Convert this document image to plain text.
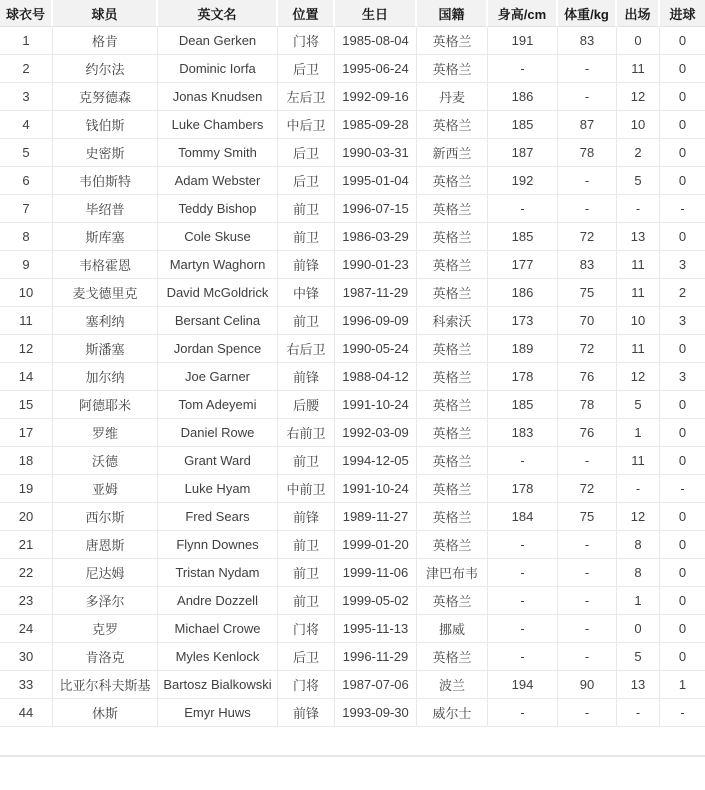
球衣号	球员	英文名	位置	生日	国籍	身高/cm	体重/kg	出场	进球
1	格肯	Dean Gerken	门将	1985-08-04	英格兰	191	83	0	0
2	约尔法	Dominic Iorfa	后卫	1995-06-24	英格兰	-	-	11	0
3	克努德森	Jonas Knudsen	左后卫	1992-09-16	丹麦	186	-	12	0
4	钱伯斯	Luke Chambers	中后卫	1985-09-28	英格兰	185	87	10	0
5	史密斯	Tommy Smith	后卫	1990-03-31	新西兰	187	78	2	0
6	韦伯斯特	Adam Webster	后卫	1995-01-04	英格兰	192	-	5	0
7	毕绍普	Teddy Bishop	前卫	1996-07-15	英格兰	-	-	-	-
8	斯库塞	Cole Skuse	前卫	1986-03-29	英格兰	185	72	13	0
9	韦格霍恩	Martyn Waghorn	前锋	1990-01-23	英格兰	177	83	11	3
10	麦戈德里克	David McGoldrick	中锋	1987-11-29	英格兰	186	75	11	2
11	塞利纳	Bersant Celina	前卫	1996-09-09	科索沃	173	70	10	3
12	斯潘塞	Jordan Spence	右后卫	1990-05-24	英格兰	189	72	11	0
14	加尔纳	Joe Garner	前锋	1988-04-12	英格兰	178	76	12	3
15	阿德耶米	Tom Adeyemi	后腰	1991-10-24	英格兰	185	78	5	0
17	罗维	Daniel Rowe	右前卫	1992-03-09	英格兰	183	76	1	0
18	沃德	Grant Ward	前卫	1994-12-05	英格兰	-	-	11	0
19	亚姆	Luke Hyam	中前卫	1991-10-24	英格兰	178	72	-	-
20	西尔斯	Fred Sears	前锋	1989-11-27	英格兰	184	75	12	0
21	唐恩斯	Flynn Downes	前卫	1999-01-20	英格兰	-	-	8	0
22	尼达姆	Tristan Nydam	前卫	1999-11-06	津巴布韦	-	-	8	0
23	多泽尔	Andre Dozzell	前卫	1999-05-02	英格兰	-	-	1	0
24	克罗	Michael Crowe	门将	1995-11-13	挪威	-	-	0	0
30	肯洛克	Myles Kenlock	后卫	1996-11-29	英格兰	-	-	5	0
33	比亚尔科夫斯基	Bartosz Bialkowski	门将	1987-07-06	波兰	194	90	13	1
44	休斯	Emyr Huws	前锋	1993-09-30	威尔士	-	-	-	-
